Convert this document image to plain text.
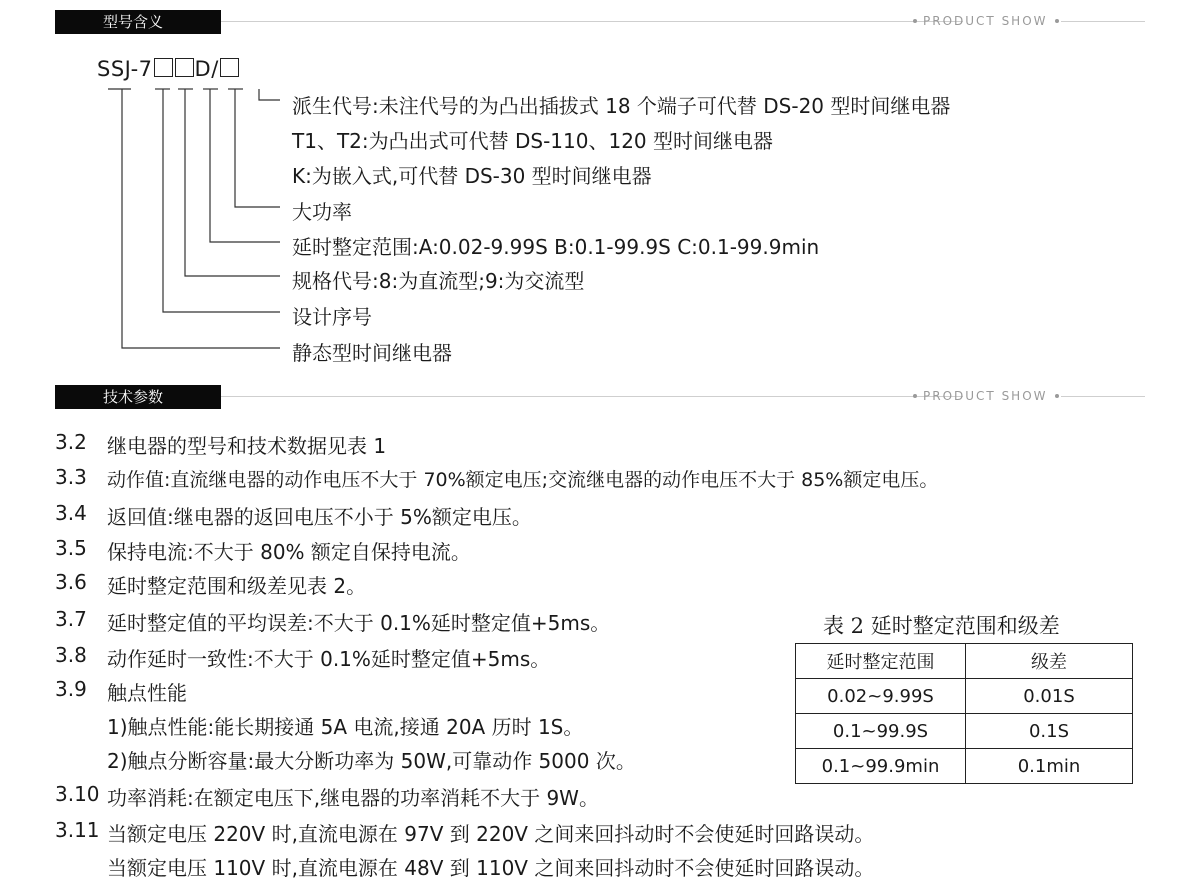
型号含义	PRODUCT SHOW
SSJ-7 D/
派生代号:未注代号的为凸出插拔式 18 个端子可代替 DS-20 型时间继电器
T1、T2:为凸出式可代替 DS-110、120 型时间继电器
K:为嵌入式,可代替 DS-30 型时间继电器
大功率
延时整定范围:A:0.02-9.99S B:0.1-99.9S C:0.1-99.9min
规格代号:8:为直流型;9:为交流型
设计序号
静态型时间继电器
技术参数	PRODUCT SHOW
3.2 继电器的型号和技术数据见表 1
3.3 动作值:直流继电器的动作电压不大于 70%额定电压;交流继电器的动作电压不大于 85%额定电压。
3.4 返回值:继电器的返回电压不小于 5%额定电压。
3.5 保持电流:不大于 80% 额定自保持电流。
3.6 延时整定范围和级差见表 2。
3.7 延时整定值的平均误差:不大于 0.1%延时整定值+5ms。
3.8 动作延时一致性:不大于 0.1%延时整定值+5ms。
3.9 触点性能
1)触点性能:能长期接通 5A 电流,接通 20A 历时 1S。
2)触点分断容量:最大分断功率为 50W,可靠动作 5000 次。
3.10 功率消耗:在额定电压下,继电器的功率消耗不大于 9W。
3.11 当额定电压 220V 时,直流电源在 97V 到 220V 之间来回抖动时不会使延时回路误动。
当额定电压 110V 时,直流电源在 48V 到 110V 之间来回抖动时不会使延时回路误动。
表 2 延时整定范围和级差
延时整定范围	级差
0.02~9.99S	0.01S
0.1~99.9S	0.1S
0.1~99.9min	0.1min
